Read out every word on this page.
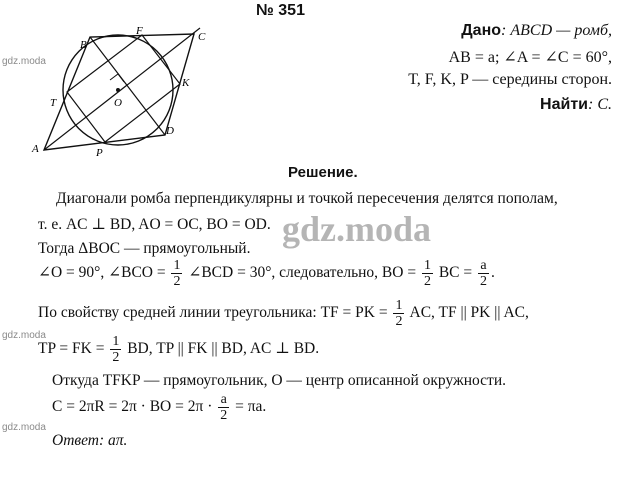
№ 351
Дано: ABCD — ромб,
AB = a; ∠A = ∠C = 60°,
T, F, K, P — середины сторон.
Найти: C.
A
B
C
D
F
K
T	O
P
gdz.moda
gdz.moda
gdz.moda
Решение.
Диагонали ромба перпендикулярны и точкой пересечения делятся пополам,
т. е. AC ⊥ BD, AO = OC, BO = OD.
Тогда ΔBOC — прямоугольный.
∠O = 90°, ∠BCO = $\frac{1}{2}$ ∠BCD = 30°, следовательно, BO = $\frac{1}{2}$ BC = $\frac{a}{2}$ .
По свойству средней линии треугольника: TF = PK = $\frac{1}{2}$ AC, TF || PK || AC,
TP = FK = $\frac{1}{2}$ BD, TP || FK || BD, AC ⊥ BD.
Откуда TFKP — прямоугольник, O — центр описанной окружности.
C = 2πR = 2π · BO = $2\pi \cdot \frac{a}{2} = \pi a$.
Ответ: aπ.
gdz.moda
